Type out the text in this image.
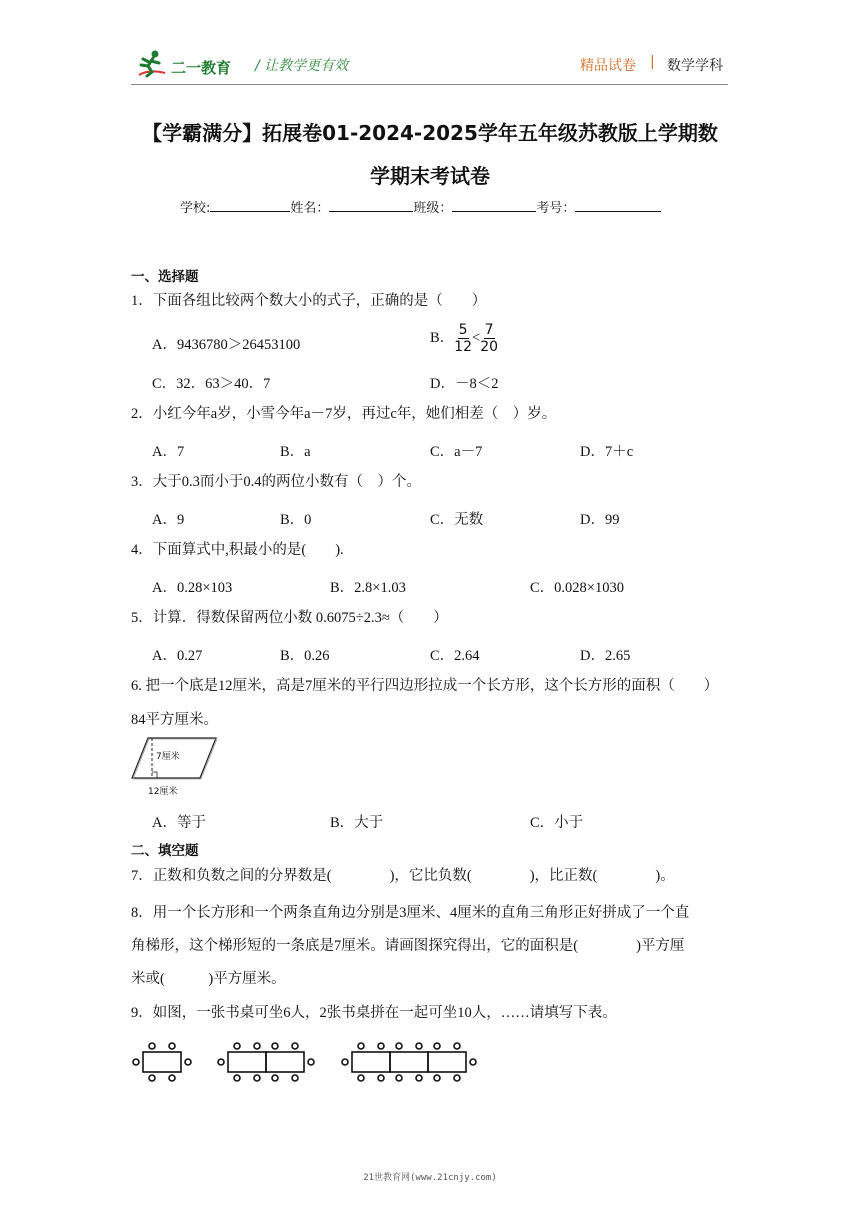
二一教育 / 让教学更有效	精品试卷 | 数学学科
【学霸满分】拓展卷01-2024-2025学年五年级苏教版上学期数
学期末考试卷
学校:	姓名：	班级：	考号：
一、选择题
1．下面各组比较两个数大小的式子，正确的是（　　）
A．9436780＞26453100	B． $\frac{5}{12} < \frac{7}{20}$
C．32．63＞40．7	D．－8＜2
2．小红今年a岁，小雪今年a－7岁，再过c年，她们相差（　）岁。
A．7	B．a	C．a－7	D．7＋c
3．大于0.3而小于0.4的两位小数有（　）个。
A．9	B．0	C．无数	D．99
4．下面算式中,积最小的是(　　).
A．0.28×103	B．2.8×1.03	C．0.028×1030
5．计算．得数保留两位小数 0.6075÷2.3≈（　　）
A．0.27	B．0.26	C．2.64	D．2.65
6. 把一个底是12厘米，高是7厘米的平行四边形拉成一个长方形，这个长方形的面积（　　）
84平方厘米。
7厘米
12厘米
A．等于	B．大于	C．小于
二、填空题
7．正数和负数之间的分界数是(　　　　)，它比负数(　　　　)，比正数(　　　　)。
8．用一个长方形和一个两条直角边分别是3厘米、4厘米的直角三角形正好拼成了一个直
角梯形，这个梯形短的一条底是7厘米。请画图探究得出，它的面积是(　　　　)平方厘
米或(　　　)平方厘米。
9．如图，一张书桌可坐6人，2张书桌拼在一起可坐10人，……请填写下表。
21世教育网(www.21cnjy.com)
